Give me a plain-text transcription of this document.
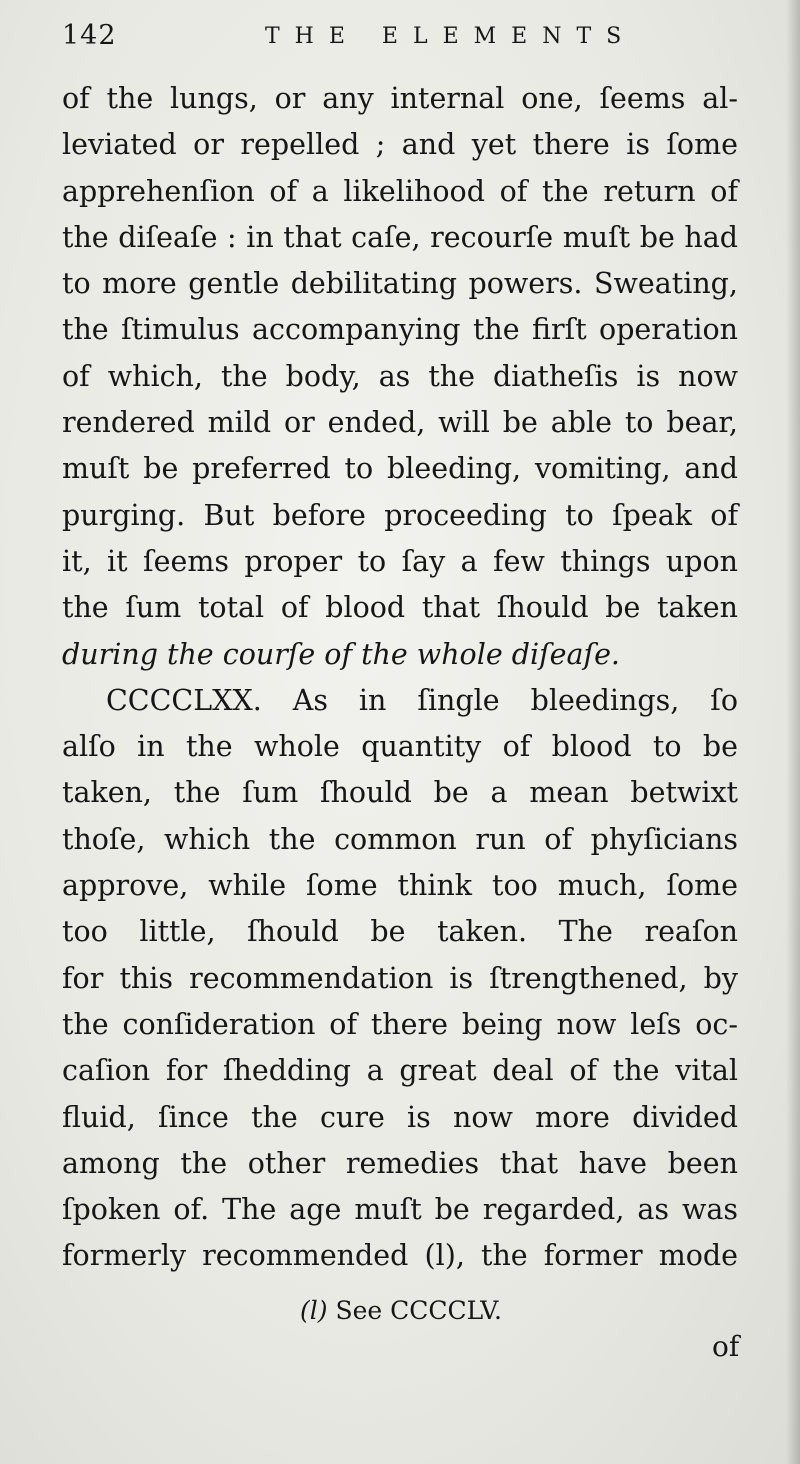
142	THE ELEMENTS
of the lungs, or any internal one, ſeems al-
leviated or repelled ; and yet there is ſome
apprehenſion of a likelihood of the return of
the diſeaſe : in that caſe, recourſe muſt be had
to more gentle debilitating powers. Sweating,
the ſtimulus accompanying the firſt operation
of which, the body, as the diatheſis is now
rendered mild or ended, will be able to bear,
muſt be preferred to bleeding, vomiting, and
purging. But before proceeding to ſpeak of
it, it ſeems proper to ſay a few things upon
the ſum total of blood that ſhould be taken
during the courſe of the whole diſeaſe.
CCCCLXX. As in ſingle bleedings, ſo
alſo in the whole quantity of blood to be
taken, the ſum ſhould be a mean betwixt
thoſe, which the common run of phyſicians
approve, while ſome think too much, ſome
too little, ſhould be taken. The reaſon
for this recommendation is ſtrengthened, by
the conſideration of there being now leſs oc-
caſion for ſhedding a great deal of the vital
fluid, ſince the cure is now more divided
among the other remedies that have been
ſpoken of. The age muſt be regarded, as was
formerly recommended (l), the former mode
(l) See CCCCLV.
of
